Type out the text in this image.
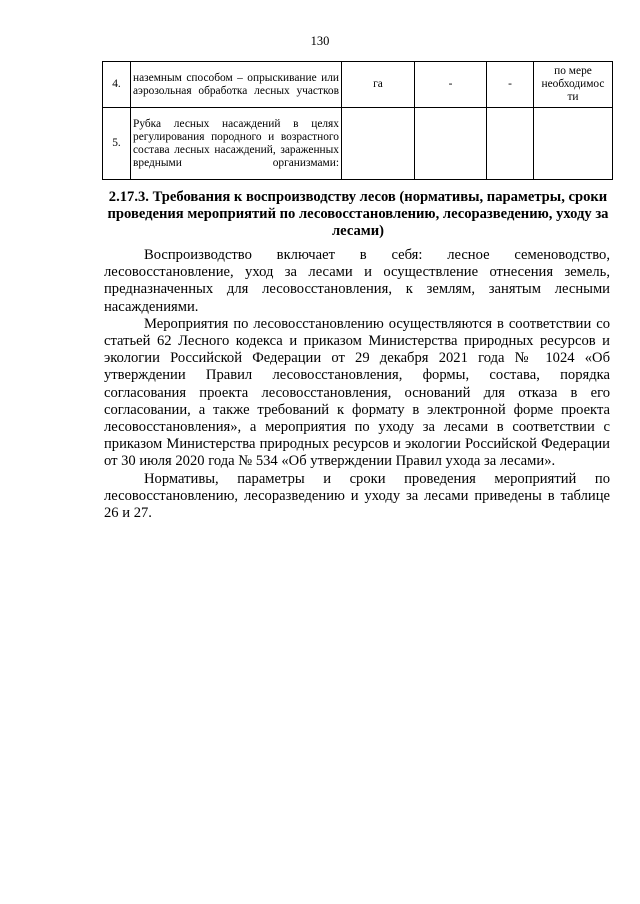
130
4.	наземным способом – опрыскивание или аэрозольная обработка лесных участков	га	-	-	по мере необходимос ти
5.	Рубка лесных насаждений в целях регулирования породного и возрастного состава лесных насаждений, зараженных вредными организмами:				
2.17.3. Требования к воспроизводству лесов (нормативы, параметры, сроки проведения мероприятий по лесовосстановлению, лесоразведению, уходу за лесами)

Воспроизводство включает в себя: лесное семеноводство, лесовосстановление, уход за лесами и осуществление отнесения земель, предназначенных для лесовосстановления, к землям, занятым лесными насаждениями.

Мероприятия по лесовосстановлению осуществляются в соответствии со статьей 62 Лесного кодекса и приказом Министерства природных ресурсов и экологии Российской Федерации от 29 декабря 2021 года № 1024 «Об утверждении Правил лесовосстановления, формы, состава, порядка согласования проекта лесовосстановления, оснований для отказа в его согласовании, а также требований к формату в электронной форме проекта лесовосстановления», а мероприятия по уходу за лесами в соответствии с приказом Министерства природных ресурсов и экологии Российской Федерации от 30 июля 2020 года № 534 «Об утверждении Правил ухода за лесами».

Нормативы, параметры и сроки проведения мероприятий по лесовосстановлению, лесоразведению и уходу за лесами приведены в таблице 26 и 27.
